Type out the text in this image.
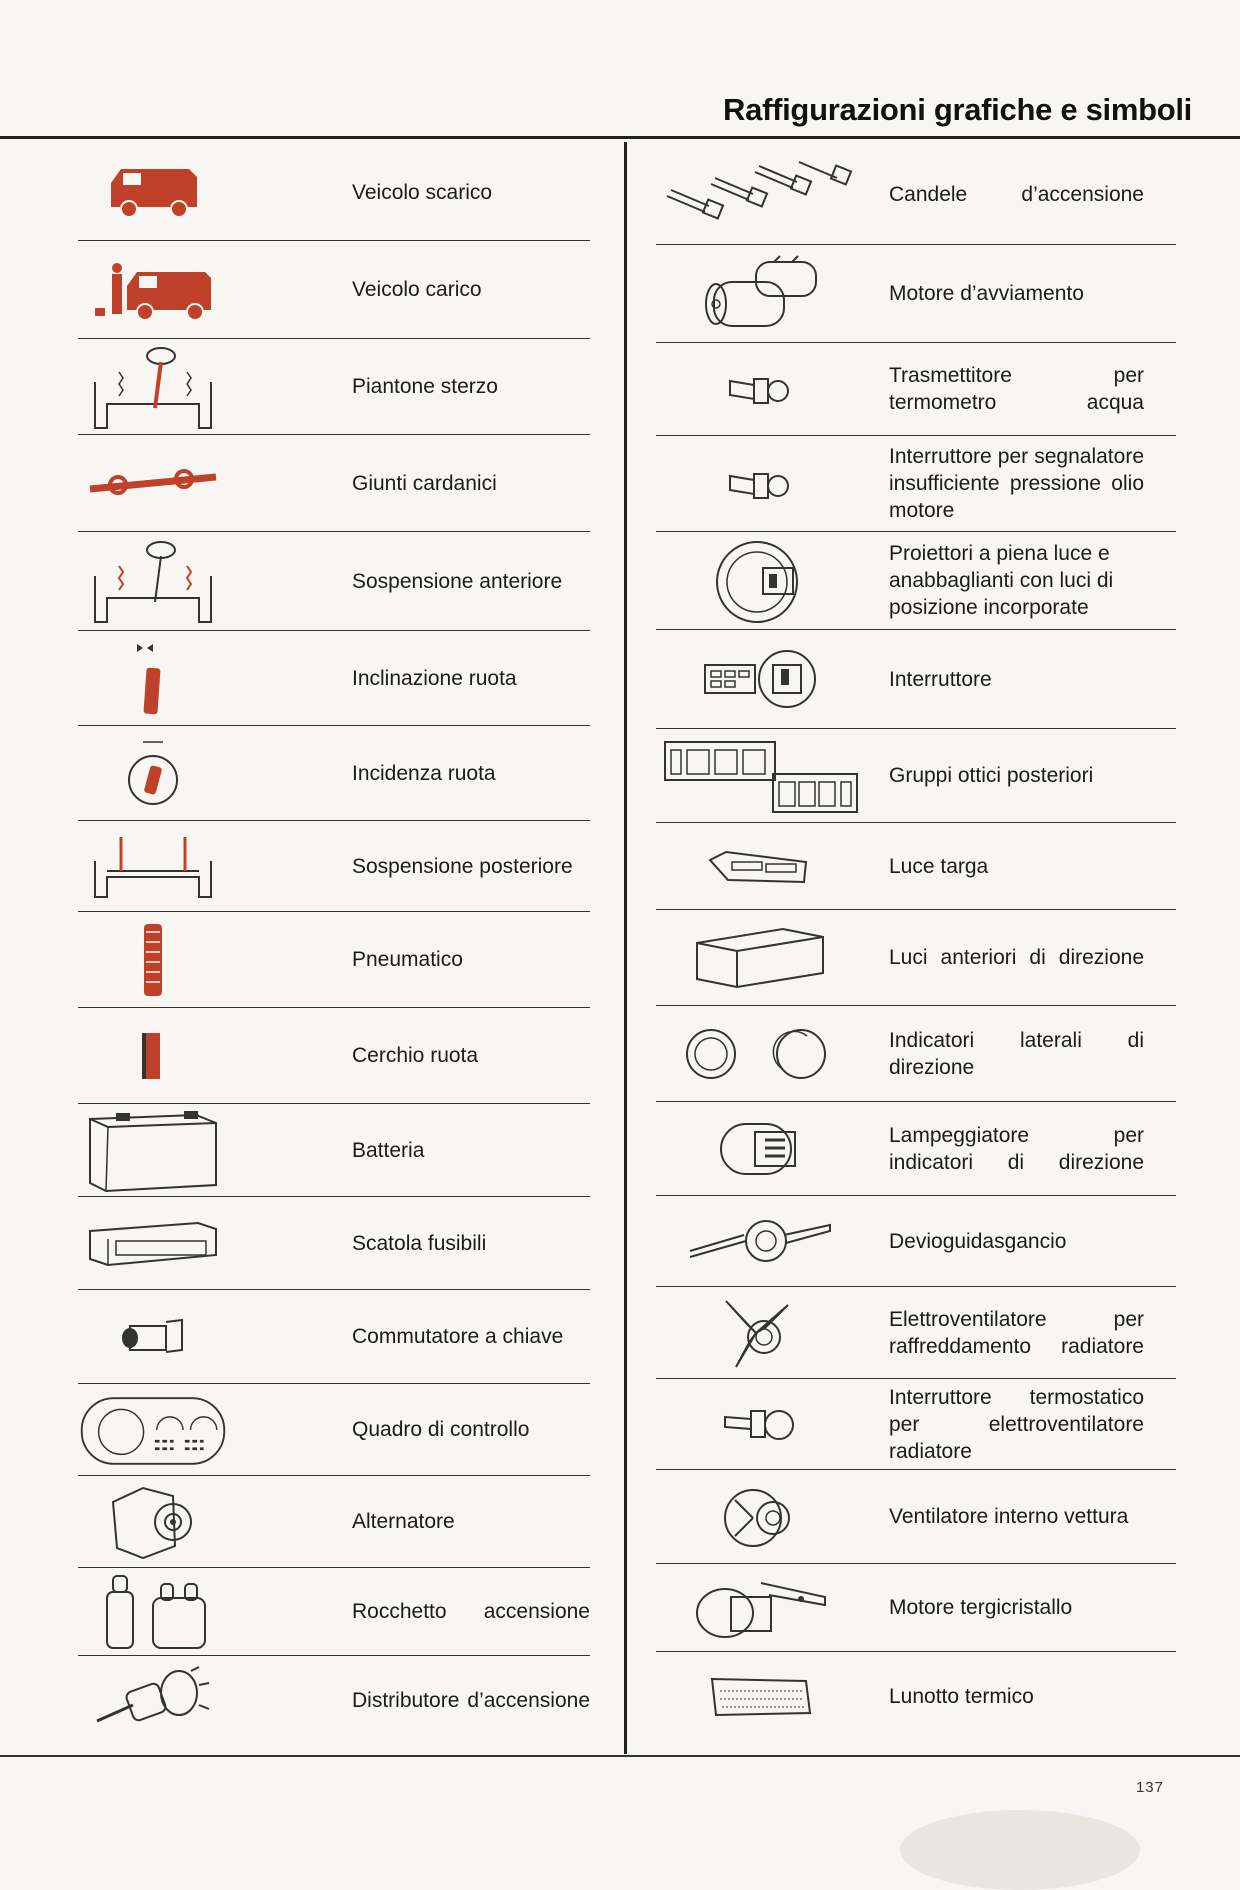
Raffigurazioni grafiche e simboli
Veicolo scarico
Veicolo carico
Piantone sterzo
Giunti cardanici
Sospensione anteriore
Inclinazione ruota
Incidenza ruota
Sospensione posteriore
Pneumatico
Cerchio ruota
Batteria
Scatola fusibili
Commutatore a chiave
Quadro di controllo
Alternatore
Rocchetto accensione
Distributore d’accensione
Candele d’accensione
Motore d’avviamento
Trasmettitore per termometro acqua
Interruttore per segnalatore insufficiente pressione olio motore
Proiettori a piena luce e anabbaglianti con luci di posizione incorporate
Interruttore
Gruppi ottici posteriori
Luce targa
Luci anteriori di direzione
Indicatori laterali di direzione
Lampeggiatore per indicatori di direzione
Devioguidasgancio
Elettroventilatore per raffreddamento radiatore
Interruttore termostatico per elettroventilatore radiatore
Ventilatore interno vettura
Motore tergicristallo
Lunotto termico
137
